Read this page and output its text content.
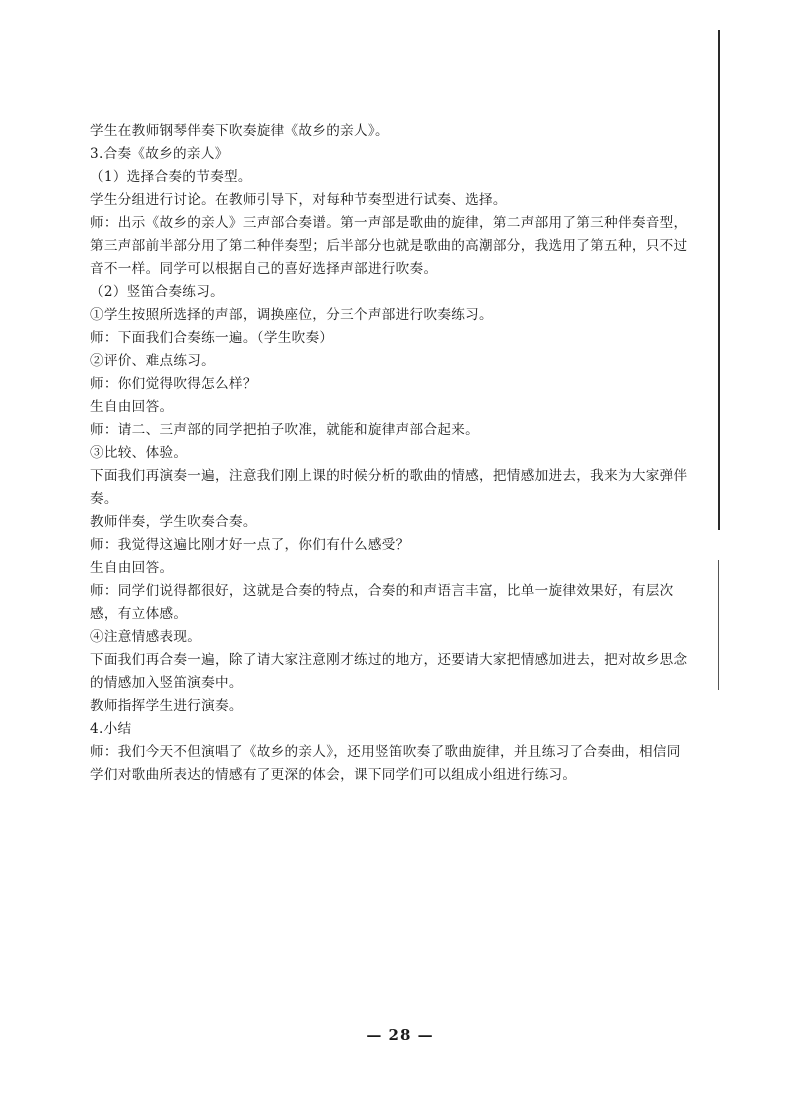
学生在教师钢琴伴奏下吹奏旋律《故乡的亲人》。

3.合奏《故乡的亲人》

（1）选择合奏的节奏型。

学生分组进行讨论。在教师引导下，对每种节奏型进行试奏、选择。

师：出示《故乡的亲人》三声部合奏谱。第一声部是歌曲的旋律，第二声部用了第三种伴奏音型，第三声部前半部分用了第二种伴奏型；后半部分也就是歌曲的高潮部分，我选用了第五种，只不过音不一样。同学可以根据自己的喜好选择声部进行吹奏。

（2）竖笛合奏练习。

①学生按照所选择的声部，调换座位，分三个声部进行吹奏练习。

师：下面我们合奏练一遍。（学生吹奏）

②评价、难点练习。

师：你们觉得吹得怎么样？

生自由回答。

师：请二、三声部的同学把拍子吹准，就能和旋律声部合起来。

③比较、体验。

下面我们再演奏一遍，注意我们刚上课的时候分析的歌曲的情感，把情感加进去，我来为大家弹伴奏。

教师伴奏，学生吹奏合奏。

师：我觉得这遍比刚才好一点了，你们有什么感受？

生自由回答。

师：同学们说得都很好，这就是合奏的特点，合奏的和声语言丰富，比单一旋律效果好，有层次感，有立体感。

④注意情感表现。

下面我们再合奏一遍，除了请大家注意刚才练过的地方，还要请大家把情感加进去，把对故乡思念的情感加入竖笛演奏中。

教师指挥学生进行演奏。

4.小结

师：我们今天不但演唱了《故乡的亲人》，还用竖笛吹奏了歌曲旋律，并且练习了合奏曲，相信同学们对歌曲所表达的情感有了更深的体会，课下同学们可以组成小组进行练习。

— 28 —
